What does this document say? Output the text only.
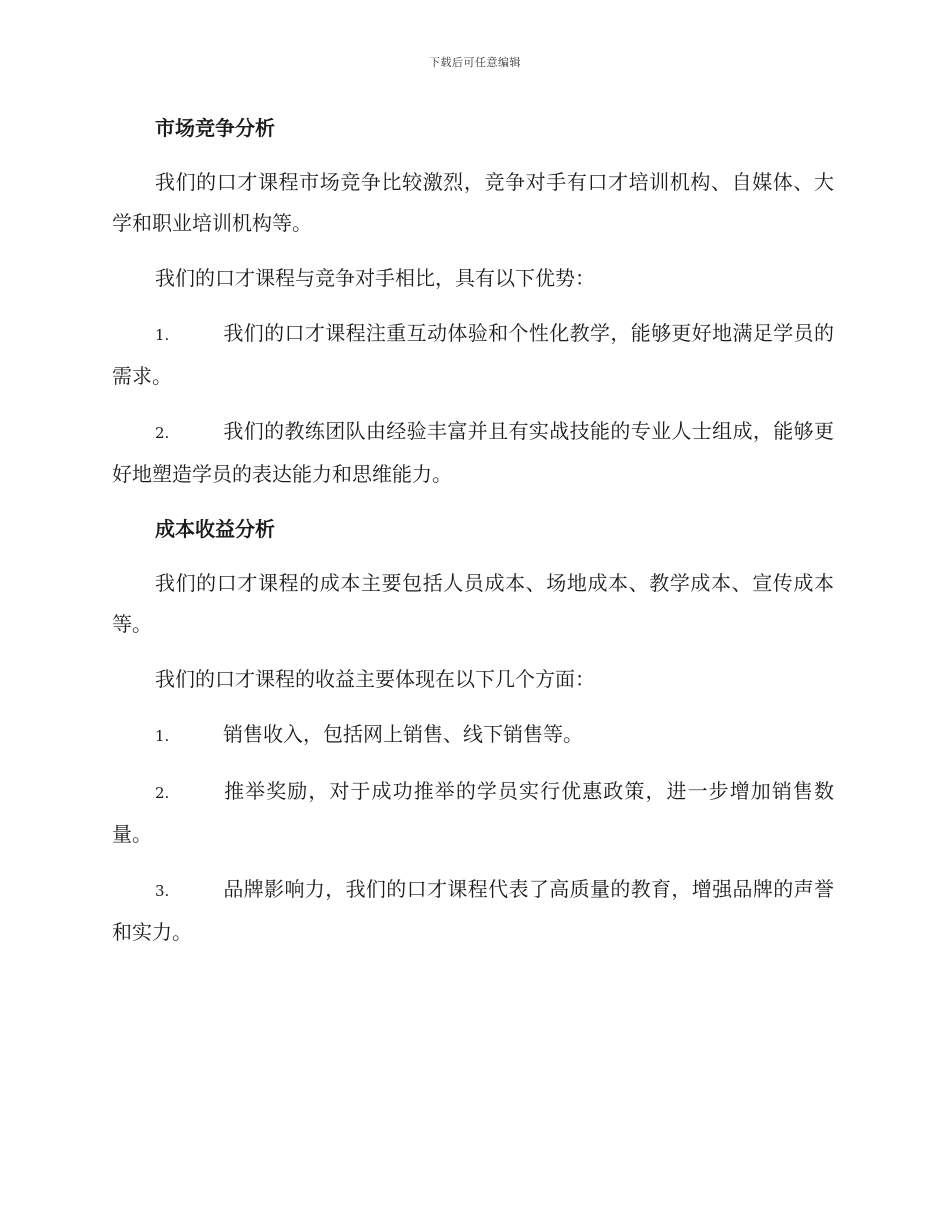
下载后可任意编辑
市场竞争分析

我们的口才课程市场竞争比较激烈，竞争对手有口才培训机构、自媒体、大学和职业培训机构等。

我们的口才课程与竞争对手相比，具有以下优势：

1.	我们的口才课程注重互动体验和个性化教学，能够更好地满足学员的需求。

2.	我们的教练团队由经验丰富并且有实战技能的专业人士组成，能够更好地塑造学员的表达能力和思维能力。

成本收益分析

我们的口才课程的成本主要包括人员成本、场地成本、教学成本、宣传成本等。

我们的口才课程的收益主要体现在以下几个方面：

1.	销售收入，包括网上销售、线下销售等。

2.	推举奖励，对于成功推举的学员实行优惠政策，进一步增加销售数量。

3.	品牌影响力，我们的口才课程代表了高质量的教育，增强品牌的声誉和实力。
